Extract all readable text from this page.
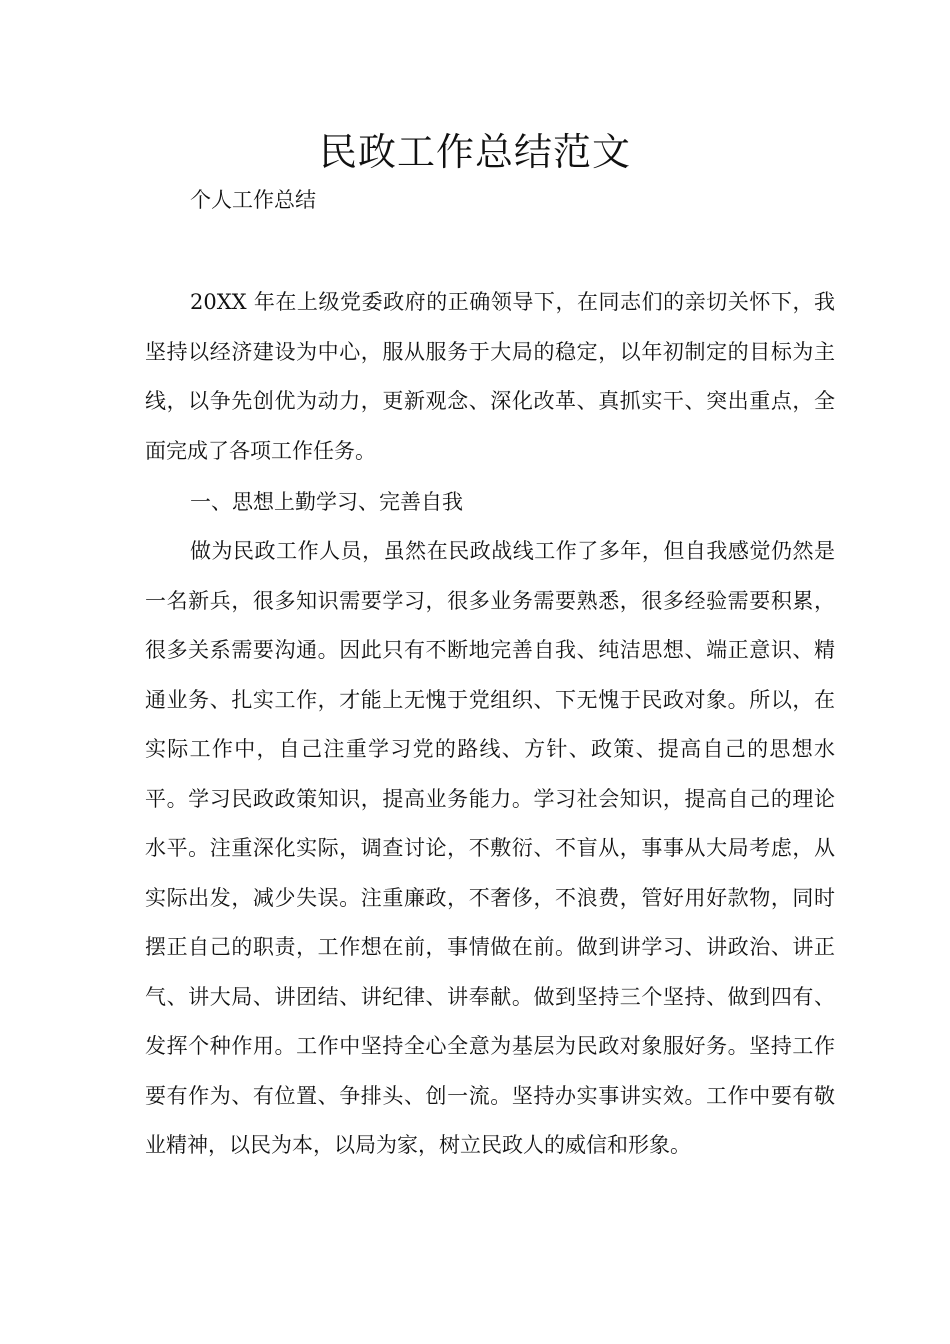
民政工作总结范文
个人工作总结

20XX 年在上级党委政府的正确领导下，在同志们的亲切关怀下，我坚持以经济建设为中心，服从服务于大局的稳定，以年初制定的目标为主线，以争先创优为动力，更新观念、深化改革、真抓实干、突出重点，全面完成了各项工作任务。

一、思想上勤学习、完善自我

做为民政工作人员，虽然在民政战线工作了多年，但自我感觉仍然是一名新兵，很多知识需要学习，很多业务需要熟悉，很多经验需要积累，很多关系需要沟通。因此只有不断地完善自我、纯洁思想、端正意识、精通业务、扎实工作，才能上无愧于党组织、下无愧于民政对象。所以，在实际工作中，自己注重学习党的路线、方针、政策、提高自己的思想水平。学习民政政策知识，提高业务能力。学习社会知识，提高自己的理论水平。注重深化实际，调查讨论，不敷衍、不盲从，事事从大局考虑，从实际出发，减少失误。注重廉政，不奢侈，不浪费，管好用好款物，同时摆正自己的职责，工作想在前，事情做在前。做到讲学习、讲政治、讲正气、讲大局、讲团结、讲纪律、讲奉献。做到坚持三个坚持、做到四有、发挥个种作用。工作中坚持全心全意为基层为民政对象服好务。坚持工作要有作为、有位置、争排头、创一流。坚持办实事讲实效。工作中要有敬业精神，以民为本，以局为家，树立民政人的威信和形象。
